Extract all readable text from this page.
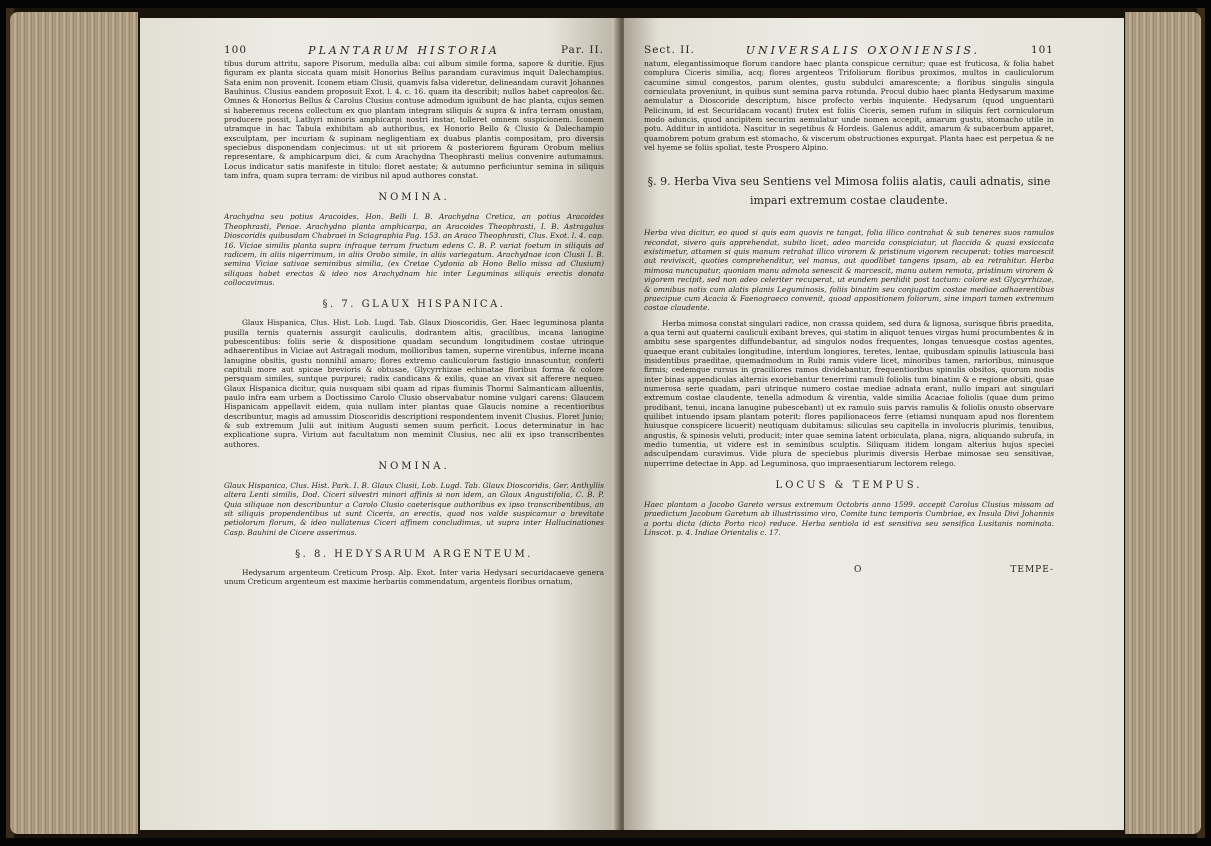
100	PLANTARUM HISTORIA	Par. II.

tibus durum attritu, sapore Pisorum, medulla alba: cui album simile forma, sapore & duritie. Ejus figuram ex planta siccata quam misit Honorius Bellus parandam curavimus inquit Dalechampius. Sata enim non provenit. Iconem etiam Clusii, quamvis falsa videretur, delineandam curavit Johannes Bauhinus. Clusius eandem proposuit Exot. l. 4. c. 16. quam ita describit; nullos habet capreolos &c. Omnes & Honorius Bellus & Carolus Clusius contuse admodum iguibunt de hac planta, cujus semen si haberemus recens collectum ex quo plantam integram siliquis & supra & infra terram onustam, producere possit, Lathyri minoris amphicarpi nostri instar, tolleret omnem suspicionem. Iconem utramque in hac Tabula exhibitam ab authoribus, ex Honorio Bello & Clusio & Dalechampio exsculptam, per incuriam & supinam negligentiam ex duabus plantis compositam, pro diversis speciebus disponendam conjecimus: ut ut sit priorem & posteriorem figuram Orobum melius representare, & amphicarpum dici, & cum Arachydna Theophrasti melius convenire autumamus. Locus indicatur satis manifeste in titulo: floret aestate; & autumno perficiuntur semina in siliquis tam infra, quam supra terram: de viribus nil apud authores constat.

NOMINA.

Arachydna seu potius Aracoides, Hon. Belli I. B. Arachydna Cretica, an potius Aracoides Theophrasti, Penae. Arachydna planta amphicarpa, an Aracoides Theophrasti, I. B. Astragalus Dioscoridis quibusdam Chabraei in Sciagraphia Pag. 153. an Araco Theophrasti, Clus. Exot. l. 4. cap. 16. Viciae similis planta supra infraque terram fructum edens C. B. P. variat foetum in siliquis ad radicem, in aliis nigerrimum, in aliis Orobo simile, in aliis variegatum. Arachydnae icon Clusii I. B. semina Viciae sativae seminibus similia, (ex Cretae Cydonia ab Hono Bello missa ad Clusium) siliquas habet erectas & ideo nos Arachydnam hic inter Leguminas siliquis erectis donata collocavimus.

§. 7. GLAUX HISPANICA.

Glaux Hispanica, Clus. Hist. Lob. Lugd. Tab. Glaux Dioscoridis, Ger. Haec leguminosa planta pusilla ternis quaternis assurgit cauliculis, dodrantem altis, gracilibus, incana lanugine pubescentibus: foliis serie & dispositione quadam secundum longitudinem costae utrinque adhaerentibus in Viciae aut Astragali modum, mollioribus tamen, superne virentibus, inferne incana lanugine obsitis, gustu nonnihil amaro; flores extremo cauliculorum fastigio innascuntur, conferti capituli more aut spicae brevioris & obtusae, Glycyrrhizae echinatae floribus forma & colore persquam similes, suntque purpurei; radix candicans & exilis, quae an vivax sit afferere nequeo. Glaux Hispanica dicitur, quia nusquam sibi quam ad ripas fluminis Thormi Salmanticam alluentis, paulo infra eam urbem a Doctissimo Carolo Clusio observabatur nomine vulgari carens: Glaucem Hispanicam appellavit eidem, quia nullam inter plantas quae Glaucis nomine a recentioribus describuntur, magis ad amussim Dioscoridis descriptioni respondentem invenit Clusius. Floret Junio; & sub extremum Julii aut initium Augusti semen suum perficit. Locus determinatur in hac explicatione supra. Virium aut facultatum non meminit Clusius, nec alii ex ipso transcribentes authores.

NOMINA.

Glaux Hispanica, Clus. Hist. Park. I. B. Glaux Clusii, Lob. Lugd. Tab. Glaux Dioscoridis, Ger. Anthyllis altera Lenti similis, Dod. Ciceri silvestri minori affinis si non idem, an Glaux Angustifolia, C. B. P. Quia siliquae non describuntur a Carolo Clusio caeterisque authoribus ex ipso transcribentibus, an sit siliquis propendentibus ut sunt Ciceris, an erectis, quod nos valde suspicamur a brevitate petiolorum florum, & ideo nullatenus Ciceri affinem concludimus, ut supra inter Hallucinationes Casp. Bauhini de Cicere asserimus.

§. 8. HEDYSARUM ARGENTEUM.

Hedysarum argenteum Creticum Prosp. Alp. Exot. Inter varia Hedysari securidacaeve genera unum Creticum argenteum est maxime herbariis commendatum, argenteis floribus ornatum,

Sect. II.	UNIVERSALIS OXONIENSIS.	101

natum, elegantissimoque florum candore haec planta conspicue cernitur; quae est fruticosa, & folia habet complura Ciceris similia, acq; flores argenteos Trifoliorum floribus proximos, multos in cauliculorum cacumine simul congestos, parum olentes, gustu subdulci amarescente; a floribus singulis singula corniculata proveniunt, in quibus sunt semina parva rotunda. Procul dubio haec planta Hedysarum maxime aemulatur a Dioscoride descriptum, hisce profecto verbis inquiente. Hedysarum (quod unguentarii Pelicinum, id est Securidacam vocant) frutex est foliis Ciceris, semen rufum in siliquis fert corniculorum modo aduncis, quod ancipitem securim aemulatur unde nomen accepit, amarum gustu, stomacho utile in potu. Additur in antidota. Nascitur in segetibus & Hordeis. Galenus addit, amarum & subacerbum apparet, quamobrem potum gratum est stomacho, & viscerum obstructiones expurgat. Planta haec est perpetua & ne vel hyeme se foliis spoliat, teste Prospero Alpino.

§. 9. Herba Viva seu Sentiens vel Mimosa foliis alatis, cauli adnatis, sine impari extremum costae claudente.

Herba viva dicitur, eo quod si quis eam quavis re tangat, folia illico contrahat & sub teneres suos ramulos recondat, sivero quis apprehendat, subito licet, adeo marcida conspiciatur, ut flaccida & quasi exsiccata existimetur, attamen si quis manum retrahat illico virorem & pristinum vigorem recuperat: toties marcescit aut reviviscit, quoties comprehenditur, vel manus, aut quodlibet tangens ipsam, ab ea retrahitur. Herba mimosa nuncupatur, quoniam manu admota senescit & marcescit, manu autem remota, pristinum virorem & vigorem recipit, sed non adeo celeriter recuperat, ut eundem perdidit post tactum: colore est Glycyrrhizae, & omnibus notis cum alatis planis Leguminosis, foliis binatim seu conjugatim costae mediae adhaerentibus praecipue cum Acacia & Faenograeco convenit, quoad appositionem foliorum, sine impari tamen extremum costae claudente.

Herba mimosa constat singulari radice, non crassa quidem, sed dura & lignosa, surisque fibris praedita, a qua terni aut quaterni cauliculi exibant breves, qui statim in aliquot tenues virgas humi procumbentes & in ambitu sese spargentes diffundebantur, ad singulos nodos frequentes, longas tenuesque costas agentes, quaeque erant cubitales longitudine, interdum longiores, teretes, lentae, quibusdam spinulis latiuscula basi insidentibus praeditae, quemadmodum in Rubi ramis videre licet, minoribus tamen, rarioribus, minusque firmis; cedemque rursus in graciliores ramos dividebantur, frequentioribus spinulis obsitos, quorum nodis inter binas appendiculas alternis exoriebantur tenerrimi ramuli foliolis tum binatim & e regione obsiti, quae numerosa serie quadam, pari utrinque numero costae mediae adnata erant, nullo impari aut singulari extremum costae claudente, tenella admodum & virentia, valde similia Acaciae foliolis (quae dum primo prodibant, tenui, incana lanugine pubescebant) ut ex ramulo suis parvis ramulis & foliolis onusto observare quilibet intuendo ipsam plantam poterit: flores papilionaceos ferre (etiamsi nunquam apud nos florentem huiusque conspicere licuerit) neutiquam dubitamus: siliculas seu capitella in involucris plurimis, tenuibus, angustis, & spinosis veluti, producit; inter quae semina latent orbiculata, plana, nigra, aliquando subrufa, in medio tumentia, ut videre est in seminibus sculptis. Siliquam itidem longam alterius hujus speciei adsculpendam curavimus. Vide plura de speciebus plurimis diversis Herbae mimosae seu sensitivae, nuperrime detectae in App. ad Leguminosa, quo impraesentiarum lectorem relego.

LOCUS & TEMPUS.

Haec plantam a Jacobo Gareto versus extremum Octobris anno 1599. accepit Carolus Clusius missam ad praedictum Jacobum Garetum ab illustrissimo viro, Comite tunc temporis Cumbriae, ex Insula Divi Johannis a portu dicta (dicto Porto rico) reduce. Herba sentiola id est sensitiva seu sensifica Lusitanis nominata. Linscot. p. 4. Indiae Orientalis c. 17.

O	TEMPE-
